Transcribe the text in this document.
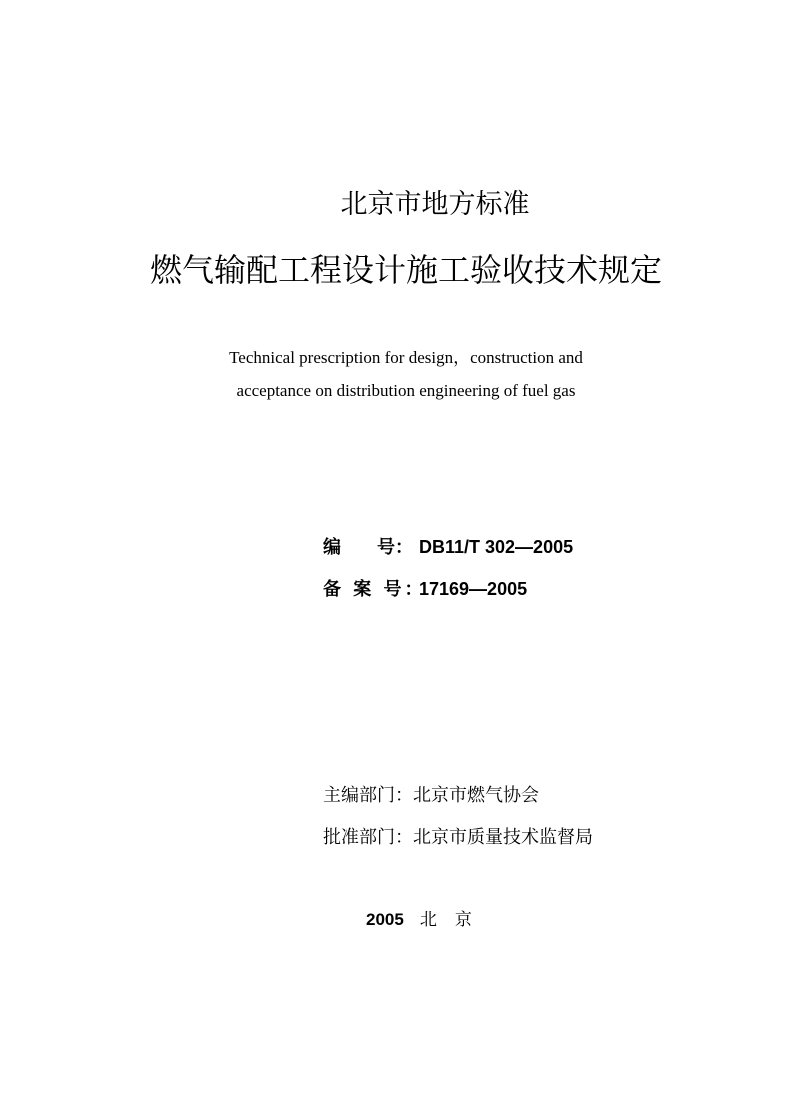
北京市地方标准
燃气输配工程设计施工验收技术规定
Technical prescription for design，construction and
acceptance on distribution engineering of fuel gas
编　　号： DB11/T 302—2005
备 案 号：17169—2005
主编部门：北京市燃气协会
批准部门：北京市质量技术监督局
2005 北京
